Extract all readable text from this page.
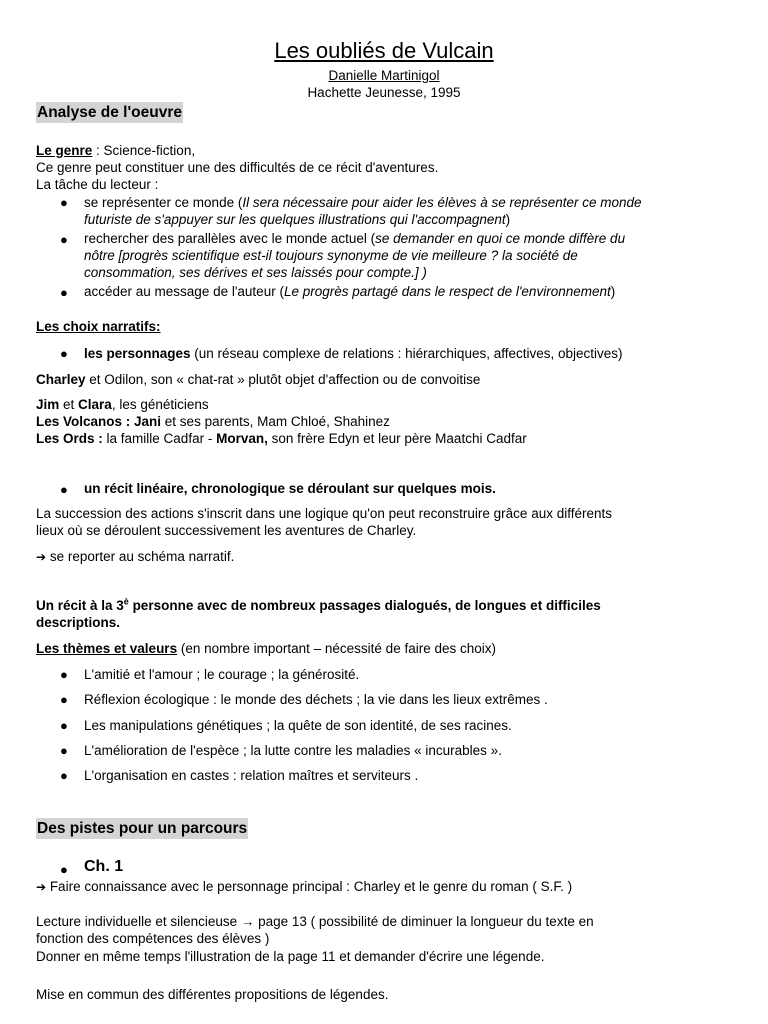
Les oubliés de Vulcain
Danielle Martinigol
Hachette Jeunesse, 1995
Analyse de l'oeuvre
Le genre : Science-fiction,
Ce genre peut constituer une des difficultés de ce récit d'aventures.
La tâche du lecteur :
● se représenter ce monde (Il sera nécessaire pour aider les élèves à se représenter ce monde
futuriste de s'appuyer sur les quelques illustrations qui l'accompagnent)
● rechercher des parallèles avec le monde actuel (se demander en quoi ce monde diffère du
nôtre [progrès scientifique est-il toujours synonyme de vie meilleure ? la société de
consommation, ses dérives et ses laissés pour compte.] )
● accéder au message de l'auteur (Le progrès partagé dans le respect de l'environnement)
Les choix narratifs:
● les personnages (un réseau complexe de relations : hiérarchiques, affectives, objectives)
Charley et Odilon, son « chat-rat » plutôt objet d'affection ou de convoitise
Jim et Clara, les généticiens
Les Volcanos : Jani et ses parents, Mam Chloé, Shahinez
Les Ords : la famille Cadfar - Morvan, son frère Edyn et leur père Maatchi Cadfar
● un récit linéaire, chronologique se déroulant sur quelques mois.
La succession des actions s'inscrit dans une logique qu'on peut reconstruire grâce aux différents
lieux où se déroulent successivement les aventures de Charley.
➔ se reporter au schéma narratif.
Un récit à la $3^è$ personne avec de nombreux passages dialogués, de longues et difficiles
descriptions.
Les thèmes et valeurs (en nombre important – nécessité de faire des choix)
● L'amitié et l'amour ; le courage ; la générosité.
● Réflexion écologique : le monde des déchets ; la vie dans les lieux extrêmes .
● Les manipulations génétiques ; la quête de son identité, de ses racines.
● L'amélioration de l'espèce ; la lutte contre les maladies « incurables ».
● L'organisation en castes : relation maîtres et serviteurs .
Des pistes pour un parcours
● Ch. 1
➔ Faire connaissance avec le personnage principal : Charley et le genre du roman ( S.F. )
Lecture individuelle et silencieuse → page 13 ( possibilité de diminuer la longueur du texte en
fonction des compétences des élèves )
Donner en même temps l'illustration de la page 11 et demander d'écrire une légende.
Mise en commun des différentes propositions de légendes.
